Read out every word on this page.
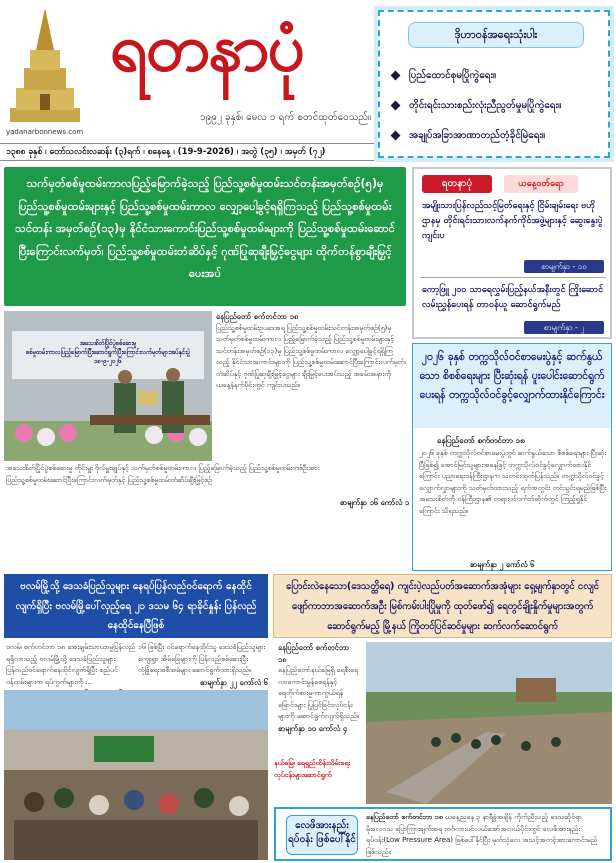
ရတနာပုံ
၁၉၉၂ ခုနှစ်၊ မေလ ၁ ရက် စတင်ထုတ်ဝေသည်။
yadanarbonnews.com
၁၃၈၈ ခုနှစ် ၊ တော်သလင်းလဆန်း (၃)ရက် ၊ စနေနေ့ ၊ (19-9-2026) ၊ အတွဲ (၃၅) ၊ အမှတ် (၇၂)
ဒိုဟာ၀န်အရေးသုံးပါး
ပြည်ထောင်စုမပြိုကွဲရေး။
တိုင်းရင်းသားစည်းလုံးညီညွတ်မှုမပြိုကွဲရေး။
အချုပ်အခြာအာဏာတည်တံ့ခိုင်မြဲရေး။
သက်မှတ်စစ်မှုထမ်းကာလပြည့်မြောက်ခဲ့သည့် ပြည်သူ့စစ်မှုထမ်းသင်တန်းအမှတ်စဉ်(၅)မှ ပြည်သူ့စစ်မှုထမ်းများနှင့် ပြည်သူ့စစ်မှုထမ်းကာလ လျှော့ပေါ့ခွင့်ရရှိကြသည့် ပြည်သူ့စစ်မှုထမ်းသင်တန်း အမှတ်စဉ်(၁၃)မှ နိုင်ငံသားကောင်းပြည်သူ့စစ်မှုထမ်းများကို ပြည်သူ့စစ်မှုထမ်းဆောင်ပြီးကြောင်းလက်မှတ်၊ ပြည်သူ့စစ်မှုထမ်းတံဆိပ်နှင့် ဂုဏ်ပြုဆုချီးမြှင့်ငွေများ ထိုက်တန်စွာချီးမြှင့်ပေးအပ်
ရတနာပုံ	ယနေ့ဝတ်ရော
အမျိုးသားပြန်လည်သင့်မြတ်ရေးနှင့် ငြိမ်းချမ်းရေး ဗဟိုဌာနမှ တိုင်းရင်းသားလက်နက်ကိုင်အဖွဲ့များနှင့် ဆွေးနွေးပွဲ ကျင်းပ
စာမျက်နှာ - ၁၀
ကော့ဖြူ ၂၀၀ သာရေလွှမ်းပြည့်နယ်အနီးတွင် ကြိုးဆောင်လမ်းညွှန်ပေးရန် တာဝန်ယူ ဆောင်ရွက်မည်
စာမျက်နှာ - ၂
၂၀၂၆ ခုနှစ် တက္ကသိုလ်ဝင်စာမေးပွဲနှင့် ဆက်နွယ်သော စိစစ်ရေးများ ပြီးဆုံးရန် ပူးပေါင်းဆောင်ရွက်ပေးရန် တက္ကသိုလ်ဝင်ခွင့်လျှောက်ထားနိုင်ကြောင်း
နေပြည်တော် စက်တင်ဘာ ၁၈
၂၀၂၆ ခုနှစ် တက္ကသိုလ်ဝင်စာမေးပွဲတွင် ဆက်နွယ်သော စိစစ်ရေးများ ပြီးဆုံးပြီဖြစ်၍ အောင်မြင်သူများအနေဖြင့် တက္ကသိုလ်ဝင်ခွင့်လျှောက်ထားနိုင်ကြောင်း ပညာရေးဝန်ကြီးဌာနက သတင်းထုတ်ပြန်သည်။ တက္ကသိုလ်ဝင်ခွင့်လျှောက်လွှာများကို သတ်မှတ်ထားသည့် ရက်အတွင်း တင်သွင်းရမည်ဖြစ်ပြီး အသေးစိတ်ကို ဝန်ကြီးဌာန၏ တရားဝင်ဝက်ဘ်ဆိုက်တွင် ကြည့်ရှုနိုင်ကြောင်း သိရသည်။
စာမျက်နှာ ၂ ကော်လံ ၆
အသေးစိတ်ပြိုင်ပွဲစစ်ဆေးမှု
စစ်မှုထမ်းကာလပြည့်မြောက်ပြီးဆောင်ရွက်ပြီးကြောင်းလက်မှတ်များအပ်နှင်းပွဲ
၁၈-၉-၂၀၂၆
အသေးစိတ်ပြိုင်ပွဲစစ်ဆေးမှု တိုင်းမှူး ဗိုလ်မှူးချုပ်နှင့် သက်မှတ်စစ်မှုထမ်းကာလ ပြည့်မြောက်ခဲ့သည့် ပြည်သူ့စစ်မှုထမ်းတစ်ဦးအား ပြည်သူ့စစ်မှုထမ်းဆောင်ပြီးကြောင်းလက်မှတ်နှင့် ပြည်သူ့စစ်မှုထမ်းတံဆိပ်ချီးမြှင့်စဉ်
နေပြည်တော် စက်တင်ဘာ ၁၈
ပြည်သူ့စစ်မှုထမ်းဥပဒေအရ ပြည်သူ့စစ်မှုထမ်းသင်တန်းအမှတ်စဉ်(၅)မှ သတ်မှတ်စစ်မှုထမ်းကာလ ပြည့်မြောက်ခဲ့သည့် ပြည်သူ့စစ်မှုထမ်းများနှင့် သင်တန်းအမှတ်စဉ်(၁၃)မှ ပြည်သူ့စစ်မှုထမ်းကာလ လျှော့ပေါ့ခွင့်ရရှိကြသည့် နိုင်ငံသားကောင်းများကို ပြည်သူ့စစ်မှုထမ်းဆောင်ပြီးကြောင်းလက်မှတ်၊ တံဆိပ်နှင့် ဂုဏ်ပြုဆုချီးမြှင့်ငွေများ ချီးမြှင့်ပေးအပ်သည့် အခမ်းအနားကို ယနေ့နံနက်ပိုင်းတွင် ကျင်းပသည်။
စာမျက်နှာ ၁၆ ကော်လံ ၁
ဗလမ်မြို့သို့ ဒေသခံပြည်သူများ နေရပ်ပြန်လည်ဝင်ရောက် နေထိုင်လျက်ရှိပြီး ဗလမ်မြို့ပေါ်လှည့်ရေ ၂၁ ဒသမ ၆၄ ရာခိုင်နှုန်း ပြန်လည်နေထိုင်နေပြီဖြစ်
ဗလမ်၊ စက်တင်ဘာ ၁၈ အေးချမ်းသာယာမှုပြန်လည်ရရှိလာသည့် ဗလမ်မြို့သို့ ဒေသခံပြည်သူများ ပြန်လည်ဝင်ရောက်နေထိုင်လျက်ရှိပြီး စည်ပင်ဝန်ထမ်းများက ရပ်ကွက်များကို ...
၁၆ ဖြစ်ပြီး ဝင်ရောက်နေထိုင်သူ ဒေသခံပြည်သူများ ကျေးရွာ အိမ်ခြေများကို ပြန်လည်စစ်ဆေးပြီး လုံခြုံရေးအစီအမံများ ဆောင်ရွက်ထားရှိသည်။
စာမျက်နှာ ၂၂ ကော်လံ ၆
ပြောင်းလဲနေသော(ဒေသတ္ထိရေ) ကျင်းပဲ့လည်ပတ်အဆောက်အအုံများ ရှေ့မျက်နှာတွင် ငလျင်ဖျော်ကာဘာအဆောက်အဦး မြစ်ကမ်းပါးပြိုမှုကို ထုတ်ဖော်၍ ရေတွင်ချိုးနှိုက်မှုများအတွက် ဆောင်ရွက်မည့် မြို့နယ် ကြိုတင်ပြင်ဆင်မှုများ ဆက်လက်ဆောင်ရွက်
နေပြည်တော် စက်တင်ဘာ ၁၈
နေပြည်တော်နယ်မြေရှိ ရေစီးရေလာကောင်းမွန်စေရန်နှင့် ရေတိုက်စားမှုကာကွယ်ရန် မြောင်းများ ပြုပြင်ခြင်းလုပ်ငန်းများကို ဆောင်ရွက်လျက်ရှိသည်။
စာမျက်နှာ ၁၀ ကော်လံ ၄
နယ်မြေ၊ ရေရှည်ထိန်းသိမ်းရေး လုပ်ငန်းများဆောင်ရွက်
လေဖိအားနည်း ရပ်ဝန်း ဖြစ်ပေါ်နိုင်
နေပြည်တော် စက်တင်ဘာ ၁၈ ယနေ့ညနေ ၃ နာရီခွဲအချိန် ကိုက်ညီသည့် ဒေသဆိုင်ရာ မိုးလေဝသ ပြောကြားချက်အရ ဘင်္ဂလားပင်လယ်အော်အလယ်ပိုင်းတွင် လေဖိအားနည်းရပ်ဝန်း(Low Pressure Area) ဖြစ်ပေါ်နိုင်ပြီး မုတ်သုံလေ အသင့်အတင့်အားကောင်းမည်ဖြစ်သည်။
